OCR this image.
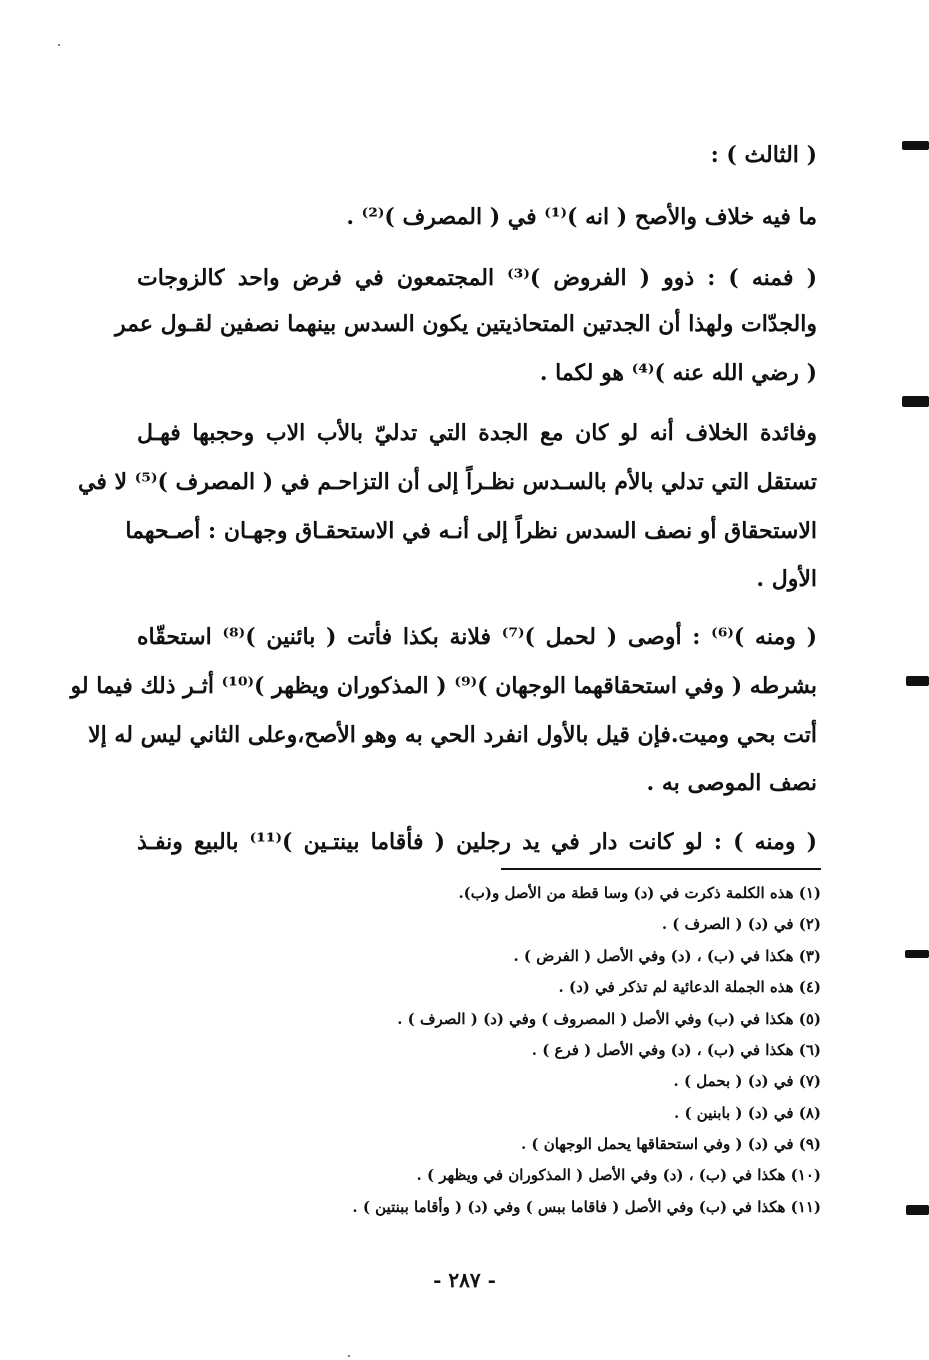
( الثالث ) :
ما فيه خلاف والأصح ( انه )⁽¹⁾ في ( المصرف )⁽²⁾ .
( فمنه ) : ذوو ( الفروض )⁽³⁾ المجتمعون في فرض واحد كالزوجات
والجدّات ولهذا أن الجدتين المتحاذيتين يكون السدس بينهما نصفين لقـول عمر
( رضي الله عنه )⁽⁴⁾ هو لكما .
وفائدة الخلاف أنه لو كان مع الجدة التي تدليّ بالأب الاب وحجبها فهـل
تستقل التي تدلي بالأم بالسـدس نظـراً إلى أن التزاحـم في ( المصرف )⁽⁵⁾ لا في
الاستحقاق أو نصف السدس نظراً إلى أنـه في الاستحقـاق وجهـان : أصـحهما
الأول .
( ومنه )⁽⁶⁾ : أوصى ( لحمل )⁽⁷⁾ فلانة بكذا فأتت ( بائنين )⁽⁸⁾ استحقّاه
بشرطه ( وفي استحقاقهما الوجهان )⁽⁹⁾ ( المذكوران ويظهر )⁽¹⁰⁾ أثـر ذلك فيما لو
أتت بحي وميت.فإن قيل بالأول انفرد الحي به وهو الأصح،وعلى الثاني ليس له إلا
نصف الموصى به .
( ومنه ) : لو كانت دار في يد رجلين ( فأقاما بينتـين )⁽¹¹⁾ بالبيع ونفـذ
(١) هذه الكلمة ذكرت في (د) وسا قطة من الأصل و(ب).
(٢) في (د) ( الصرف ) .
(٣) هكذا في (ب) ، (د) وفي الأصل ( الفرض ) .
(٤) هذه الجملة الدعائية لم تذكر في (د) .
(٥) هكذا في (ب) وفي الأصل ( المصروف ) وفي (د) ( الصرف ) .
(٦) هكذا في (ب) ، (د) وفي الأصل ( فرع ) .
(٧) في (د) ( بحمل ) .
(٨) في (د) ( بابنين ) .
(٩) في (د) ( وفي استحقاقها يحمل الوجهان ) .
(١٠) هكذا في (ب) ، (د) وفي الأصل ( المذكوران في ويظهر ) .
(١١) هكذا في (ب) وفي الأصل ( فاقاما ببس ) وفي (د) ( وأقاما ببنتين ) .
- ٢٨٧ -
